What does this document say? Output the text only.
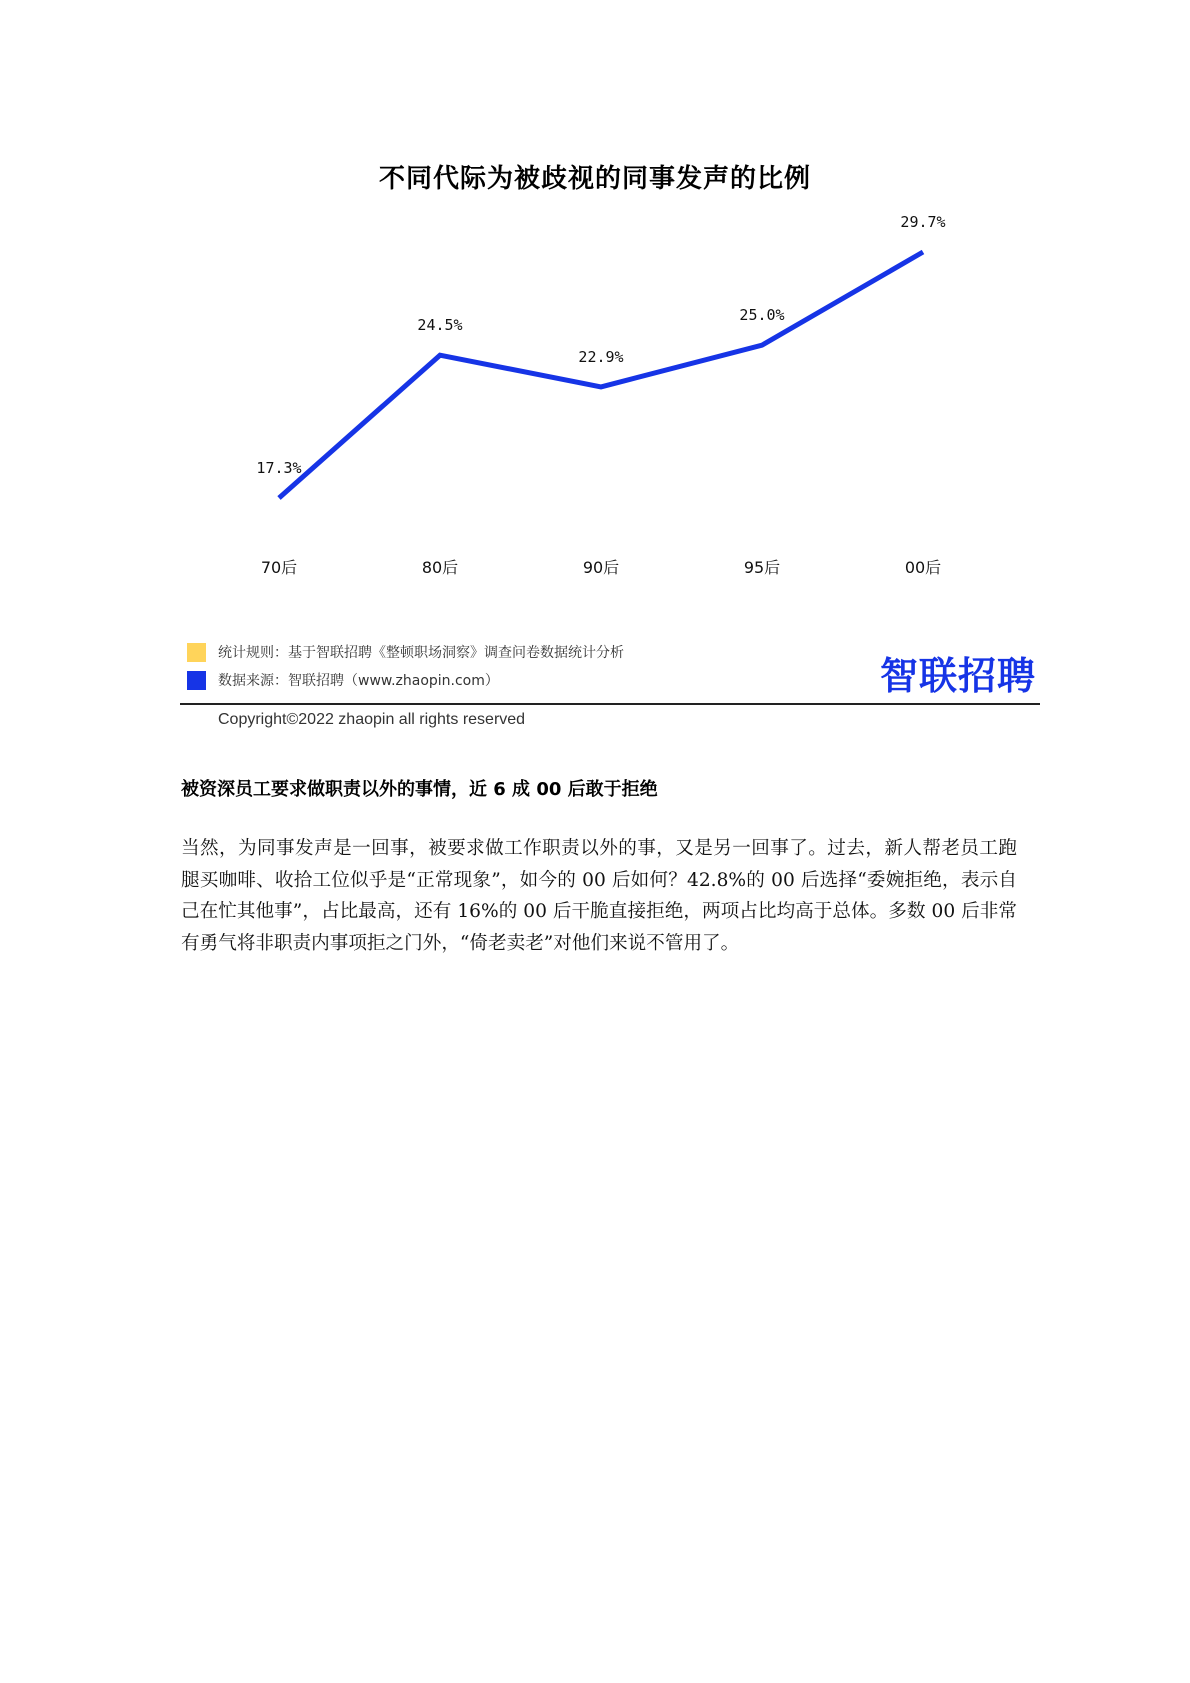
不同代际为被歧视的同事发声的比例
17.3%
24.5%
22.9%
25.0%
29.7%
70后	80后	90后	95后	00后
统计规则：基于智联招聘《整顿职场洞察》调查问卷数据统计分析
数据来源：智联招聘（www.zhaopin.com）	智联招聘
Copyright©2022 zhaopin all rights reserved
被资深员工要求做职责以外的事情，近 6 成 00 后敢于拒绝

当然，为同事发声是一回事，被要求做工作职责以外的事，又是另一回事了。过去，新人帮老员工跑腿买咖啡、收拾工位似乎是“正常现象”，如今的 00 后如何？42.8%的 00 后选择“委婉拒绝，表示自己在忙其他事”，占比最高，还有 16%的 00 后干脆直接拒绝，两项占比均高于总体。多数 00 后非常有勇气将非职责内事项拒之门外，“倚老卖老”对他们来说不管用了。
